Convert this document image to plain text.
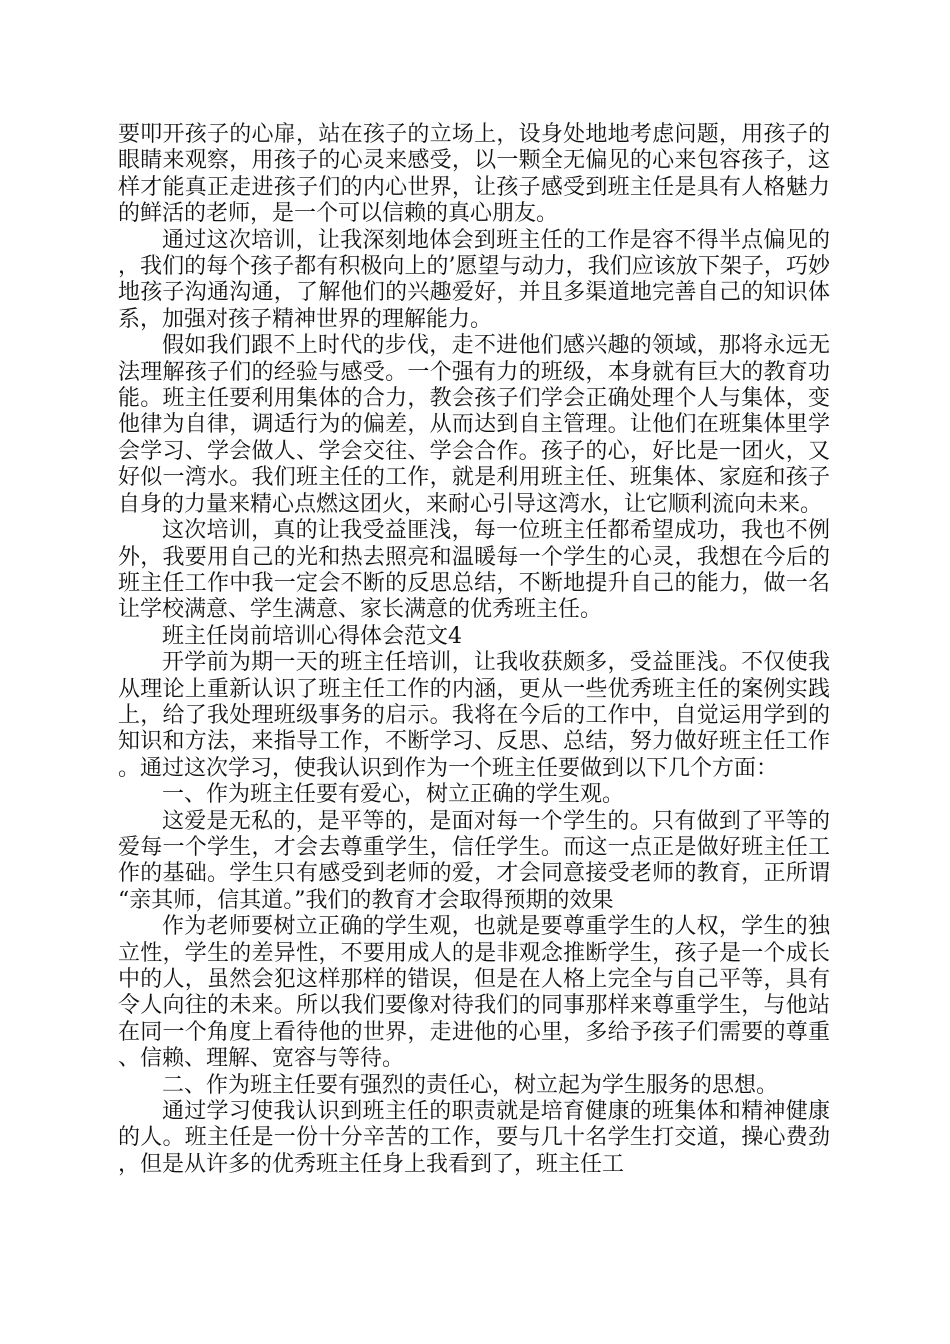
要叩开孩子的心扉，站在孩子的立场上，设身处地地考虑问题，用孩子的眼睛来观察，用孩子的心灵来感受，以一颗全无偏见的心来包容孩子，这样才能真正走进孩子们的内心世界，让孩子感受到班主任是具有人格魅力的鲜活的老师，是一个可以信赖的真心朋友。

通过这次培训，让我深刻地体会到班主任的工作是容不得半点偏见的，我们的每个孩子都有积极向上的’愿望与动力，我们应该放下架子，巧妙地孩子沟通沟通，了解他们的兴趣爱好，并且多渠道地完善自己的知识体系，加强对孩子精神世界的理解能力。

假如我们跟不上时代的步伐，走不进他们感兴趣的领域，那将永远无法理解孩子们的经验与感受。一个强有力的班级，本身就有巨大的教育功能。班主任要利用集体的合力，教会孩子们学会正确处理个人与集体，变他律为自律，调适行为的偏差，从而达到自主管理。让他们在班集体里学会学习、学会做人、学会交往、学会合作。孩子的心，好比是一团火，又好似一湾水。我们班主任的工作，就是利用班主任、班集体、家庭和孩子自身的力量来精心点燃这团火，来耐心引导这湾水，让它顺利流向未来。

这次培训，真的让我受益匪浅，每一位班主任都希望成功，我也不例外，我要用自己的光和热去照亮和温暖每一个学生的心灵，我想在今后的班主任工作中我一定会不断的反思总结，不断地提升自己的能力，做一名让学校满意、学生满意、家长满意的优秀班主任。

班主任岗前培训心得体会范文4

开学前为期一天的班主任培训，让我收获颇多，受益匪浅。不仅使我从理论上重新认识了班主任工作的内涵，更从一些优秀班主任的案例实践上，给了我处理班级事务的启示。我将在今后的工作中，自觉运用学到的知识和方法，来指导工作，不断学习、反思、总结，努力做好班主任工作。通过这次学习，使我认识到作为一个班主任要做到以下几个方面：

一、作为班主任要有爱心，树立正确的学生观。

这爱是无私的，是平等的，是面对每一个学生的。只有做到了平等的爱每一个学生，才会去尊重学生，信任学生。而这一点正是做好班主任工作的基础。学生只有感受到老师的爱，才会同意接受老师的教育，正所谓“亲其师，信其道。”我们的教育才会取得预期的效果

作为老师要树立正确的学生观，也就是要尊重学生的人权，学生的独立性，学生的差异性，不要用成人的是非观念推断学生，孩子是一个成长中的人，虽然会犯这样那样的错误，但是在人格上完全与自己平等，具有令人向往的未来。所以我们要像对待我们的同事那样来尊重学生，与他站在同一个角度上看待他的世界，走进他的心里，多给予孩子们需要的尊重、信赖、理解、宽容与等待。

二、作为班主任要有强烈的责任心，树立起为学生服务的思想。

通过学习使我认识到班主任的职责就是培育健康的班集体和精神健康的人。班主任是一份十分辛苦的工作，要与几十名学生打交道，操心费劲，但是从许多的优秀班主任身上我看到了，班主任工
